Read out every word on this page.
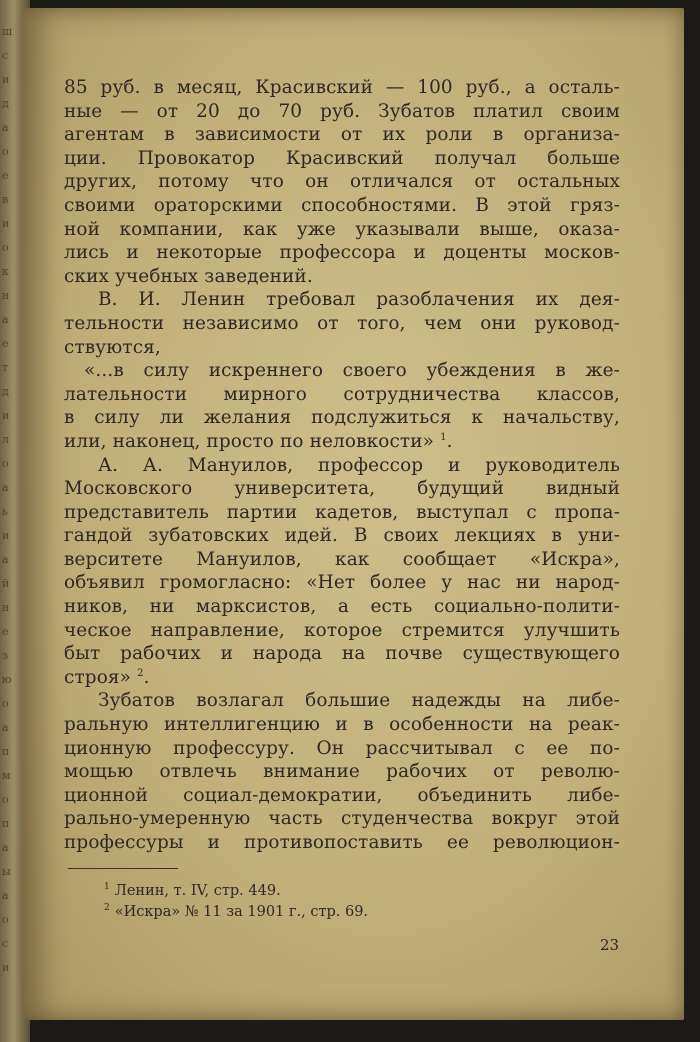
ш
с
и
д
а
о
е
в
и
о
к
н
а
е
т
д
и
л
о
а
ь
и
а
й
н
е
з
ю
о
а
п
м
о
п
а
ы
а
о
с
и
85 руб. в месяц, Красивский — 100 руб., а осталь-
ные — от 20 до 70 руб. Зубатов платил своим
агентам в зависимости от их роли в организа-
ции. Провокатор Красивский получал больше
других, потому что он отличался от остальных
своими ораторскими способностями. В этой гряз-
ной компании, как уже указывали выше, оказа-
лись и некоторые профессора и доценты москов-
ских учебных заведений.
В. И. Ленин требовал разоблачения их дея-
тельности независимо от того, чем они руковод-
ствуются,
«...в силу искреннего своего убеждения в же-
лательности мирного сотрудничества классов,
в силу ли желания подслужиться к начальству,
или, наконец, просто по неловкости» $^1$.
А. А. Мануилов, профессор и руководитель
Московского университета, будущий видный
представитель партии кадетов, выступал с пропа-
гандой зубатовских идей. В своих лекциях в уни-
верситете Мануилов, как сообщает «Искра»,
объявил громогласно: «Нет более у нас ни народ-
ников, ни марксистов, а есть социально-полити-
ческое направление, которое стремится улучшить
быт рабочих и народа на почве существующего
строя» $^2$.
Зубатов возлагал большие надежды на либе-
ральную интеллигенцию и в особенности на реак-
ционную профессуру. Он рассчитывал с ее по-
мощью отвлечь внимание рабочих от револю-
ционной социал-демократии, объединить либе-
рально-умеренную часть студенчества вокруг этой
профессуры и противопоставить ее революцион-
$^1$ Ленин, т. IV, стр. 449.
$^2$ «Искра» № 11 за 1901 г., стр. 69.
23
